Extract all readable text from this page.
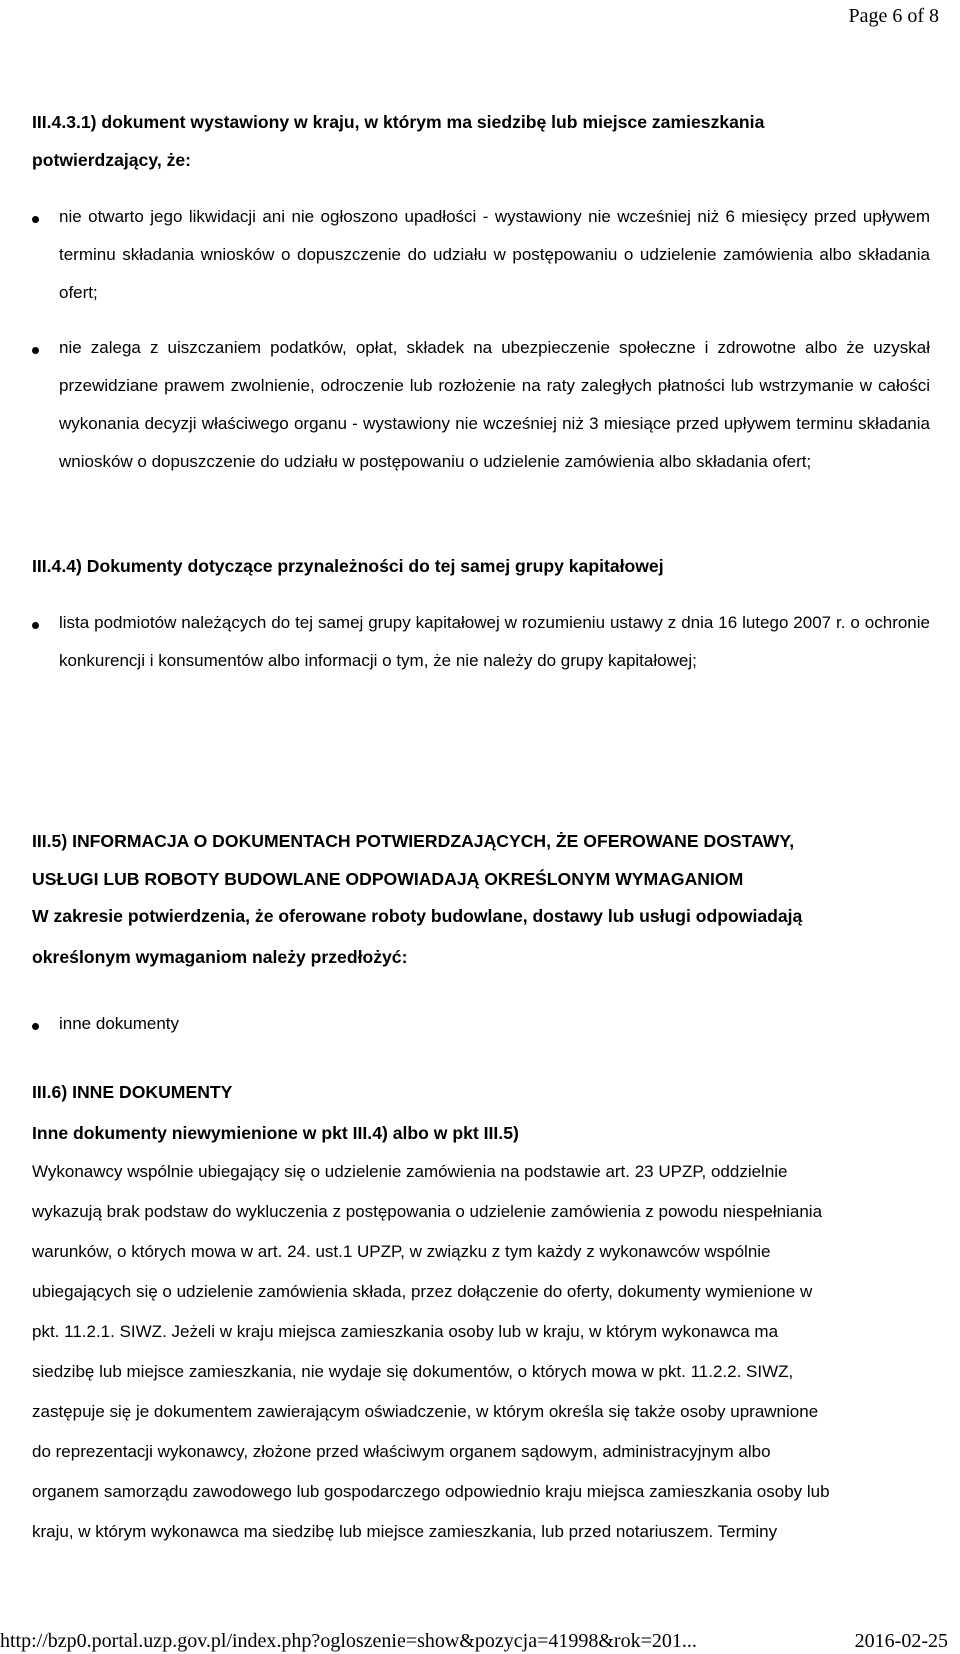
Page 6 of 8
III.4.3.1) dokument wystawiony w kraju, w którym ma siedzibę lub miejsce zamieszkania
potwierdzający, że:
nie otwarto jego likwidacji ani nie ogłoszono upadłości - wystawiony nie wcześniej niż 6 miesięcy przed upływem terminu składania wniosków o dopuszczenie do udziału w postępowaniu o udzielenie zamówienia albo składania ofert;
nie zalega z uiszczaniem podatków, opłat, składek na ubezpieczenie społeczne i zdrowotne albo że uzyskał przewidziane prawem zwolnienie, odroczenie lub rozłożenie na raty zaległych płatności lub wstrzymanie w całości wykonania decyzji właściwego organu - wystawiony nie wcześniej niż 3 miesiące przed upływem terminu składania wniosków o dopuszczenie do udziału w postępowaniu o udzielenie zamówienia albo składania ofert;
III.4.4) Dokumenty dotyczące przynależności do tej samej grupy kapitałowej
lista podmiotów należących do tej samej grupy kapitałowej w rozumieniu ustawy z dnia 16 lutego 2007 r. o ochronie konkurencji i konsumentów albo informacji o tym, że nie należy do grupy kapitałowej;
III.5) INFORMACJA O DOKUMENTACH POTWIERDZAJĄCYCH, ŻE OFEROWANE DOSTAWY,
USŁUGI LUB ROBOTY BUDOWLANE ODPOWIADAJĄ OKREŚLONYM WYMAGANIOM
W zakresie potwierdzenia, że oferowane roboty budowlane, dostawy lub usługi odpowiadają
określonym wymaganiom należy przedłożyć:
inne dokumenty
III.6) INNE DOKUMENTY
Inne dokumenty niewymienione w pkt III.4) albo w pkt III.5)
Wykonawcy wspólnie ubiegający się o udzielenie zamówienia na podstawie art. 23 UPZP, oddzielnie
wykazują brak podstaw do wykluczenia z postępowania o udzielenie zamówienia z powodu niespełniania
warunków, o których mowa w art. 24. ust.1 UPZP, w związku z tym każdy z wykonawców wspólnie
ubiegających się o udzielenie zamówienia składa, przez dołączenie do oferty, dokumenty wymienione w
pkt. 11.2.1. SIWZ. Jeżeli w kraju miejsca zamieszkania osoby lub w kraju, w którym wykonawca ma
siedzibę lub miejsce zamieszkania, nie wydaje się dokumentów, o których mowa w pkt. 11.2.2. SIWZ,
zastępuje się je dokumentem zawierającym oświadczenie, w którym określa się także osoby uprawnione
do reprezentacji wykonawcy, złożone przed właściwym organem sądowym, administracyjnym albo
organem samorządu zawodowego lub gospodarczego odpowiednio kraju miejsca zamieszkania osoby lub
kraju, w którym wykonawca ma siedzibę lub miejsce zamieszkania, lub przed notariuszem. Terminy
http://bzp0.portal.uzp.gov.pl/index.php?ogloszenie=show&pozycja=41998&rok=201...	2016-02-25
